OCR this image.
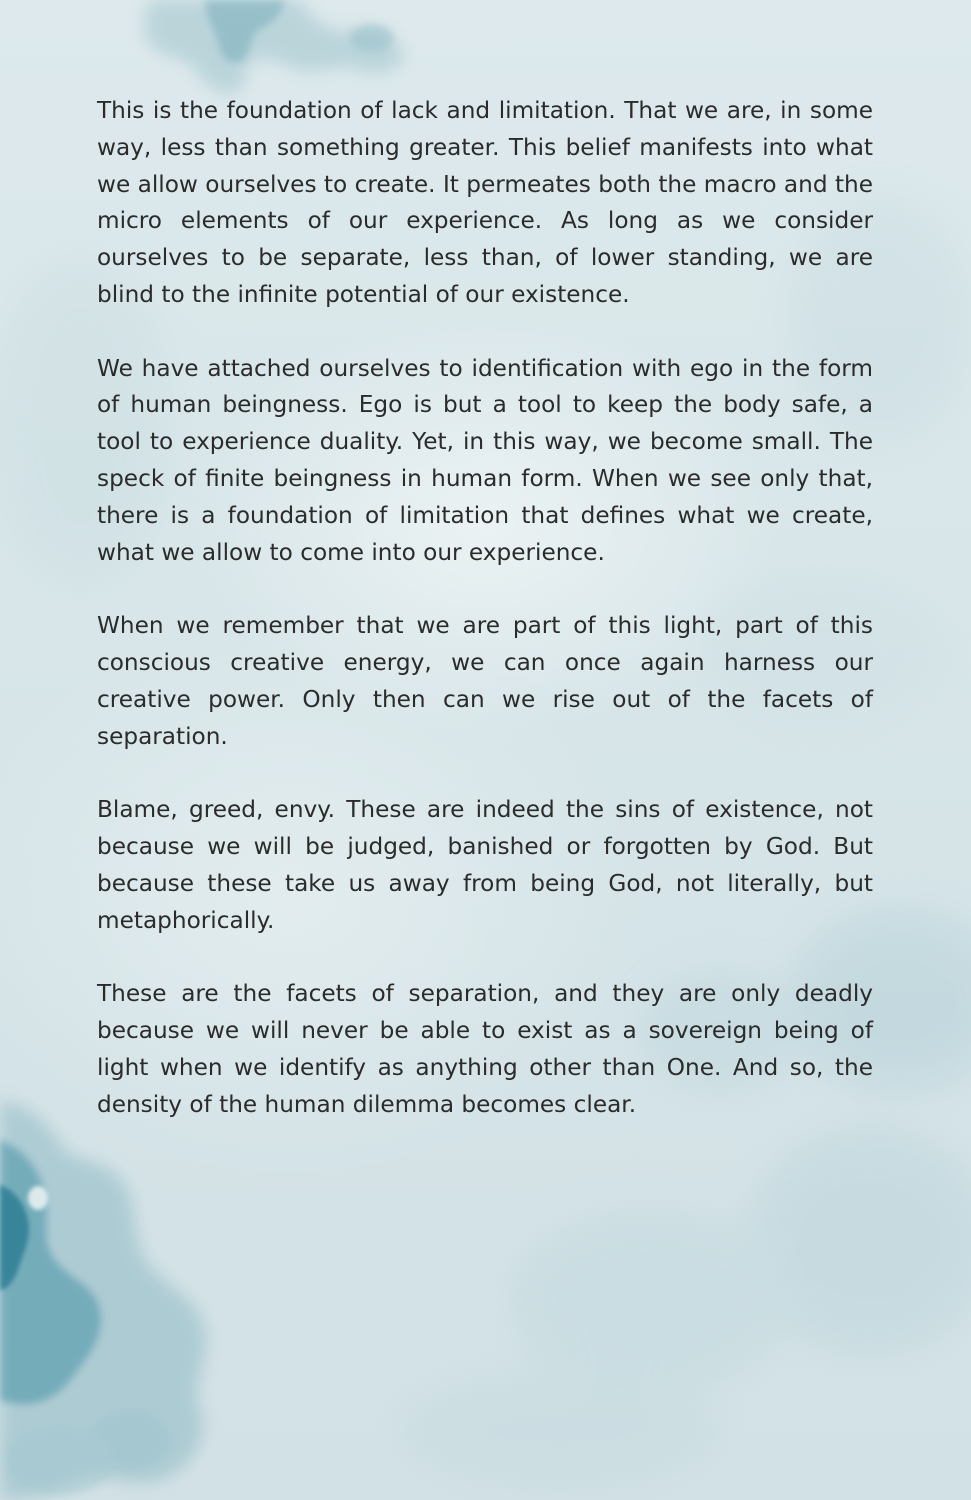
This is the foundation of lack and limitation. That we are, in some way, less than something greater. This belief manifests into what we allow ourselves to create. It permeates both the macro and the micro elements of our experience. As long as we consider ourselves to be separate, less than, of lower standing, we are blind to the infinite potential of our existence.

We have attached ourselves to identification with ego in the form of human beingness. Ego is but a tool to keep the body safe, a tool to experience duality. Yet, in this way, we become small. The speck of finite beingness in human form. When we see only that, there is a foundation of limitation that defines what we create, what we allow to come into our experience.

When we remember that we are part of this light, part of this conscious creative energy, we can once again harness our creative power. Only then can we rise out of the facets of separation.

Blame, greed, envy. These are indeed the sins of existence, not because we will be judged, banished or forgotten by God. But because these take us away from being God, not literally, but metaphorically.

These are the facets of separation, and they are only deadly because we will never be able to exist as a sovereign being of light when we identify as anything other than One. And so, the density of the human dilemma becomes clear.
